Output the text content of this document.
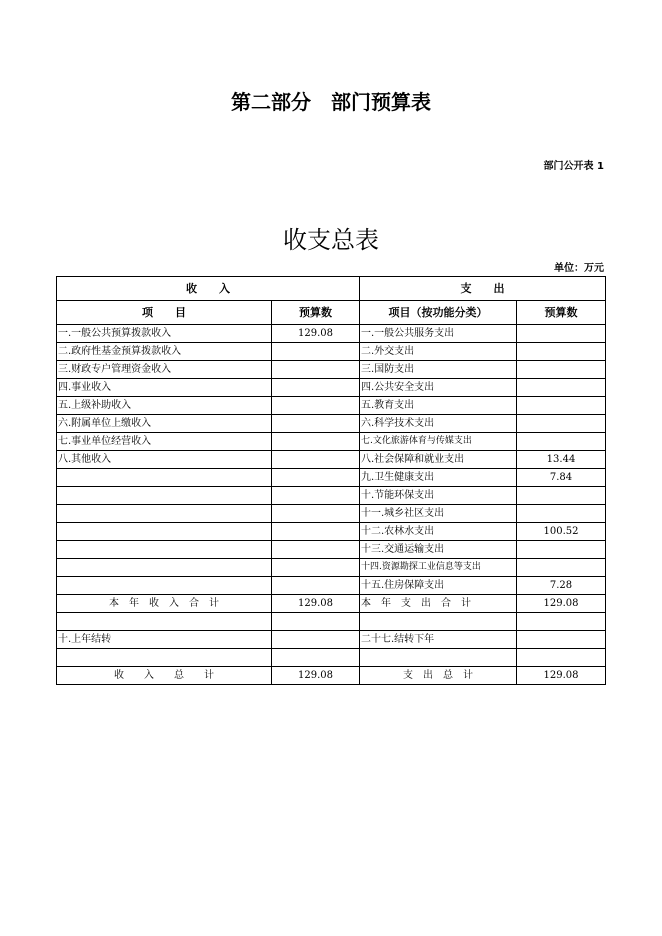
第二部分　部门预算表
部门公开表 1
收支总表
单位：万元
收　　入		支　　出	
项　　目	预算数	项目（按功能分类）	预算数
一.一般公共预算拨款收入	129.08	一.一般公共服务支出	
二.政府性基金预算拨款收入		二.外交支出	
三.财政专户管理资金收入		三.国防支出	
四.事业收入		四.公共安全支出	
五.上级补助收入		五.教育支出	
六.附属单位上缴收入		六.科学技术支出	
七.事业单位经营收入		七.文化旅游体育与传媒支出	
八.其他收入		八.社会保障和就业支出	13.44
		九.卫生健康支出	7.84
		十.节能环保支出	
		十一.城乡社区支出	
		十二.农林水支出	100.52
		十三.交通运输支出	
		十四.资源勘探工业信息等支出	
		十五.住房保障支出	7.28
本　年　收　入　合　计	129.08	本　年　支　出　合　计	129.08

十.上年结转		二十七.结转下年	

收　　入　　总　　计	129.08	支　出　总　计	129.08
